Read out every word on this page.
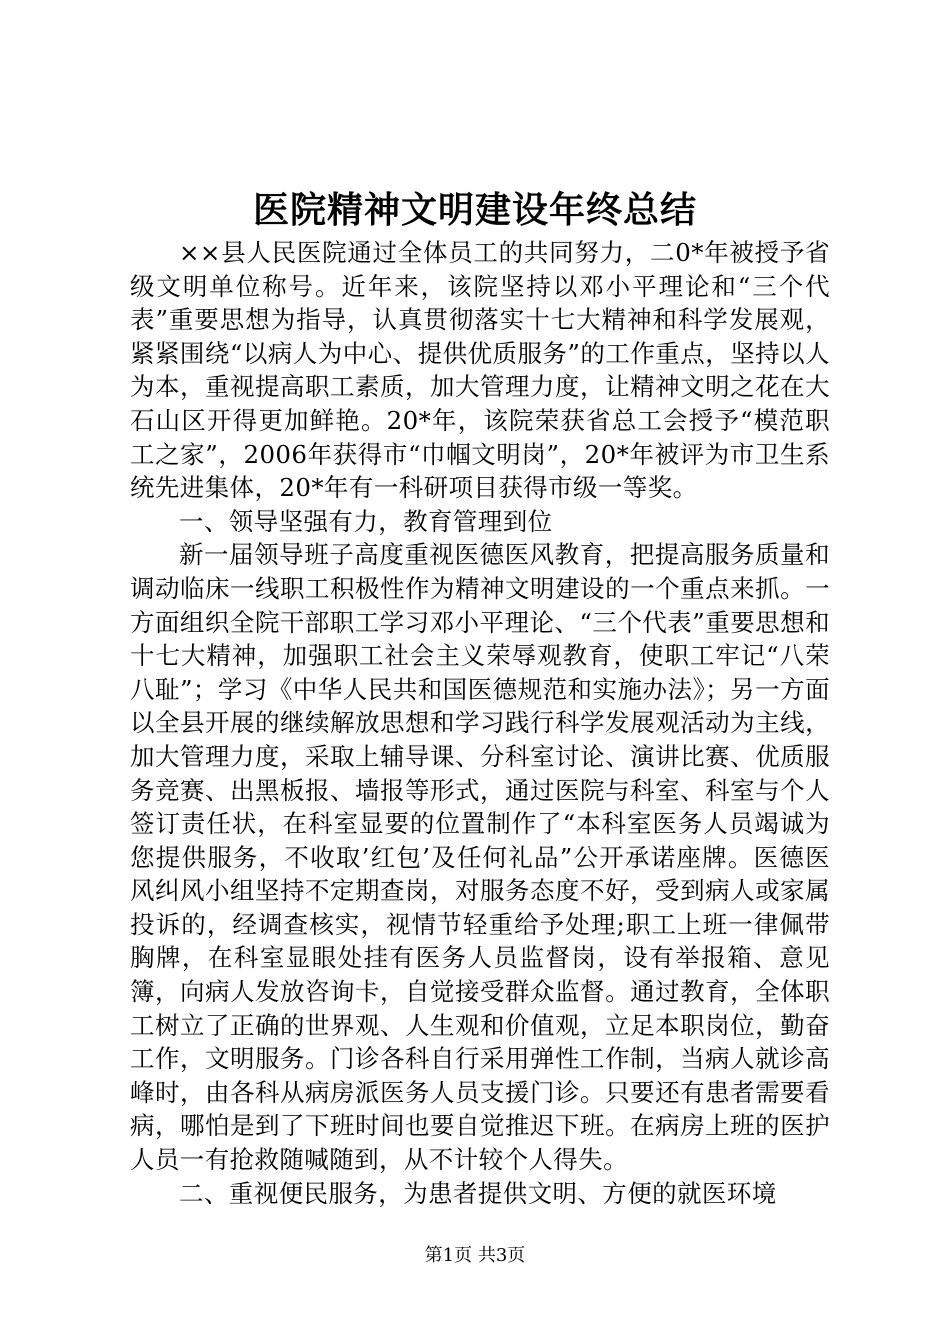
医院精神文明建设年终总结

××县人民医院通过全体员工的共同努力，二0*年被授予省级文明单位称号。近年来，该院坚持以邓小平理论和“三个代表”重要思想为指导，认真贯彻落实十七大精神和科学发展观，紧紧围绕“以病人为中心、提供优质服务”的工作重点，坚持以人为本，重视提高职工素质，加大管理力度，让精神文明之花在大石山区开得更加鲜艳。20*年，该院荣获省总工会授予“模范职工之家”，2006年获得市“巾帼文明岗”，20*年被评为市卫生系统先进集体，20*年有一科研项目获得市级一等奖。

一、领导坚强有力，教育管理到位

新一届领导班子高度重视医德医风教育，把提高服务质量和调动临床一线职工积极性作为精神文明建设的一个重点来抓。一方面组织全院干部职工学习邓小平理论、“三个代表”重要思想和十七大精神，加强职工社会主义荣辱观教育，使职工牢记“八荣八耻”；学习《中华人民共和国医德规范和实施办法》；另一方面以全县开展的继续解放思想和学习践行科学发展观活动为主线，加大管理力度，采取上辅导课、分科室讨论、演讲比赛、优质服务竞赛、出黑板报、墙报等形式，通过医院与科室、科室与个人签订责任状，在科室显要的位置制作了“本科室医务人员竭诚为您提供服务，不收取’红包’及任何礼品”公开承诺座牌。医德医风纠风小组坚持不定期查岗，对服务态度不好，受到病人或家属投诉的，经调查核实，视情节轻重给予处理;职工上班一律佩带胸牌，在科室显眼处挂有医务人员监督岗，设有举报箱、意见簿，向病人发放咨询卡，自觉接受群众监督。通过教育，全体职工树立了正确的世界观、人生观和价值观，立足本职岗位，勤奋工作，文明服务。门诊各科自行采用弹性工作制，当病人就诊高峰时，由各科从病房派医务人员支援门诊。只要还有患者需要看病，哪怕是到了下班时间也要自觉推迟下班。在病房上班的医护人员一有抢救随喊随到，从不计较个人得失。

二、重视便民服务，为患者提供文明、方便的就医环境

第1页 共3页
